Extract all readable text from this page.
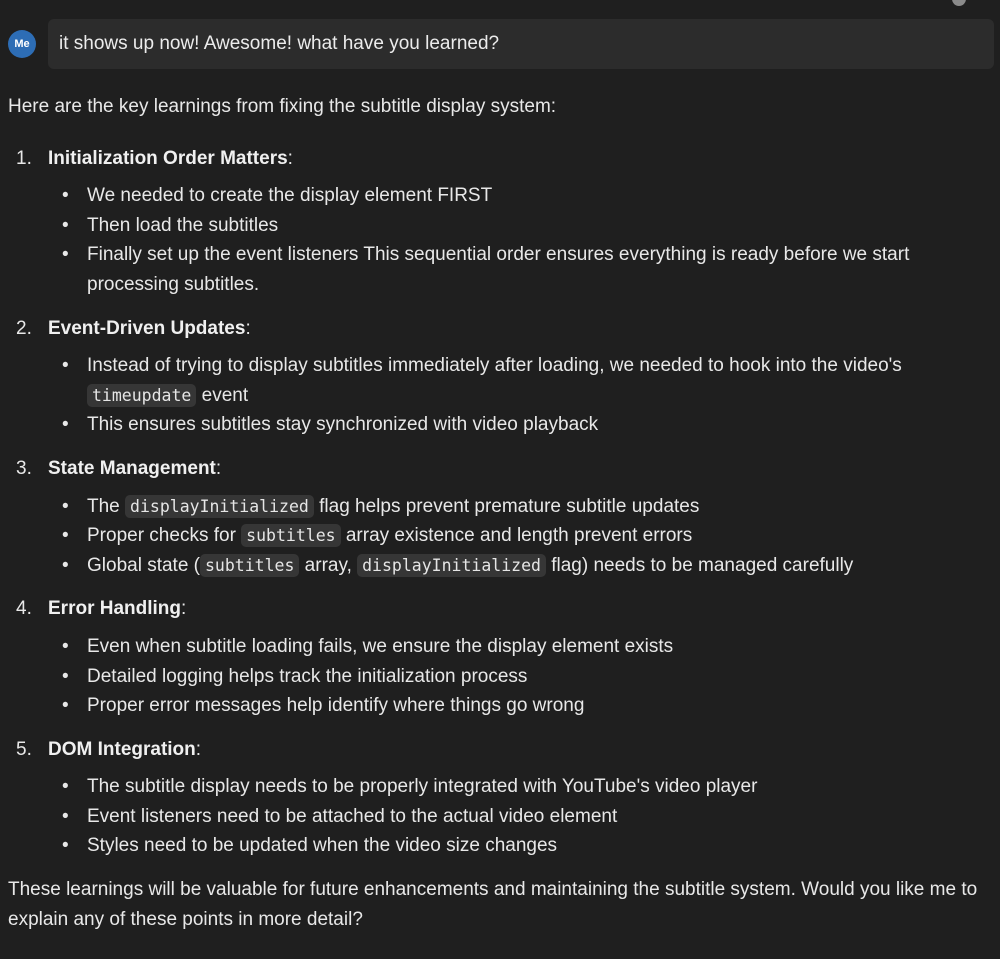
Me	it shows up now! Awesome! what have you learned?

Here are the key learnings from fixing the subtitle display system:

1. Initialization Order Matters:
• We needed to create the display element FIRST
• Then load the subtitles
• Finally set up the event listeners This sequential order ensures everything is ready before we start processing subtitles.
2. Event-Driven Updates:
• Instead of trying to display subtitles immediately after loading, we needed to hook into the video's timeupdate event
• This ensures subtitles stay synchronized with video playback
3. State Management:
• The displayInitialized flag helps prevent premature subtitle updates
• Proper checks for subtitles array existence and length prevent errors
• Global state ( subtitles array, displayInitialized flag) needs to be managed carefully
4. Error Handling:
• Even when subtitle loading fails, we ensure the display element exists
• Detailed logging helps track the initialization process
• Proper error messages help identify where things go wrong
5. DOM Integration:
• The subtitle display needs to be properly integrated with YouTube's video player
• Event listeners need to be attached to the actual video element
• Styles need to be updated when the video size changes

These learnings will be valuable for future enhancements and maintaining the subtitle system. Would you like me to explain any of these points in more detail?
